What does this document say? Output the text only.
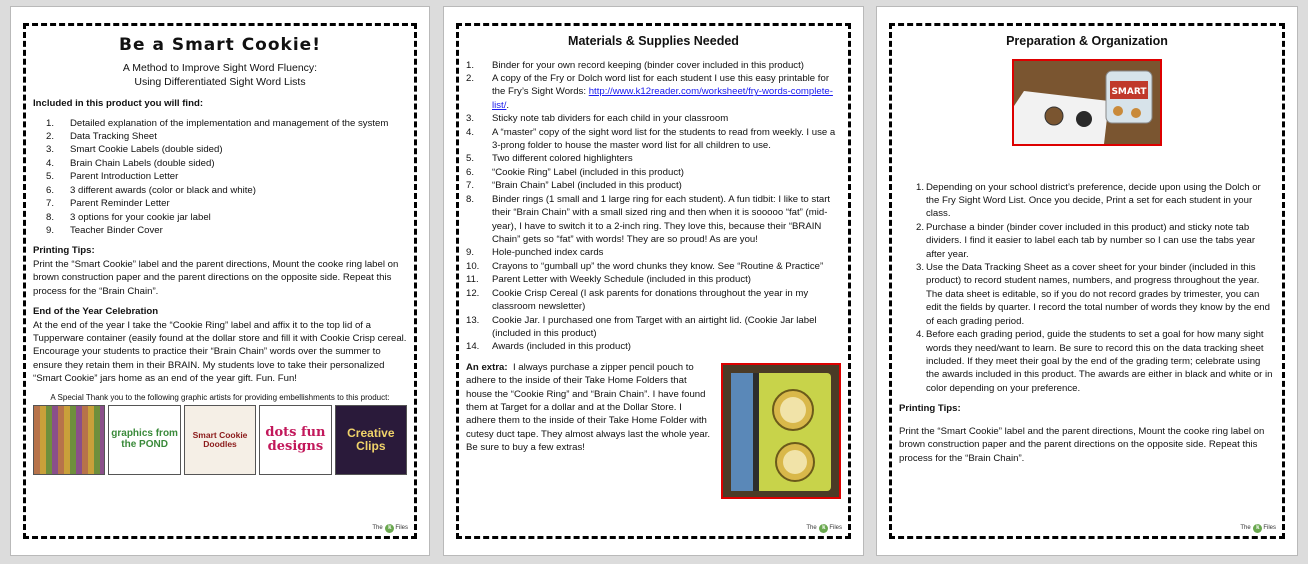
Be a Smart Cookie!
A Method to Improve Sight Word Fluency:
Using Differentiated Sight Word Lists
Included in this product you will find:
1.	Detailed explanation of the implementation and management of the system
2.	Data Tracking Sheet
3.	Smart Cookie Labels (double sided)
4.	Brain Chain Labels (double sided)
5.	Parent Introduction Letter
6.	3 different awards (color or black and white)
7.	Parent Reminder Letter
8.	3 options for your cookie jar label
9.	Teacher Binder Cover
Printing Tips:

Print the “Smart Cookie” label and the parent directions, Mount the cooke ring label on brown construction paper and the parent directions on the opposite side. Repeat this process for the “Brain Chain”.

End of the Year Celebration

At the end of the year I take the “Cookie Ring” label and affix it to the top lid of a Tupperware container (easily found at the dollar store and fill it with Cookie Crisp cereal. Encourage your students to practice their “Brain Chain” words over the summer to ensure they retain them in their BRAIN. My students love to take their personalized “Smart Cookie” jars home as an end of the year gift. Fun. Fun!

A Special Thank you to the following graphic artists for providing embellishments to this product:
graphics from the POND
Smart Cookie Doodles
dots fun designs
Creative Clips
The k Files
Materials & Supplies Needed
1.	Binder for your own record keeping (binder cover included in this product)
2.	A copy of the Fry or Dolch word list for each student I use this easy printable for the Fry’s Sight Words: http://www.k12reader.com/worksheet/fry-words-complete-list/.
3.	Sticky note tab dividers for each child in your classroom
4.	A “master” copy of the sight word list for the students to read from weekly. I use a 3-prong folder to house the master word list for all children to use.
5.	Two different colored highlighters
6.	“Cookie Ring” Label (included in this product)
7.	“Brain Chain” Label (included in this product)
8.	Binder rings (1 small and 1 large ring for each student). A fun tidbit: I like to start their “Brain Chain” with a small sized ring and then when it is sooooo “fat” (mid-year), I have to switch it to a 2-inch ring. They love this, because their “BRAIN Chain” gets so “fat” with words! They are so proud! As are you!
9.	Hole-punched index cards
10.	Crayons to “gumball up” the word chunks they know. See “Routine & Practice”
11.	Parent Letter with Weekly Schedule (included in this product)
12.	Cookie Crisp Cereal (I ask parents for donations throughout the year in my classroom newsletter)
13.	Cookie Jar. I purchased one from Target with an airtight lid. (Cookie Jar label (included in this product)
14.	Awards (included in this product)

An extra: I always purchase a zipper pencil pouch to adhere to the inside of their Take Home Folders that house the “Cookie Ring” and “Brain Chain”. I have found them at Target for a dollar and at the Dollar Store. I adhere them to the inside of their Take Home Folder with cutesy duct tape. They almost always last the whole year. Be sure to buy a few extras!

The k Files
Preparation & Organization
SMART
1. Depending on your school district’s preference, decide upon using the Dolch or the Fry Sight Word List. Once you decide, Print a set for each student in your class.
2. Purchase a binder (binder cover included in this product) and sticky note tab dividers. I find it easier to label each tab by number so I can use the tabs year after year.
3. Use the Data Tracking Sheet as a cover sheet for your binder (included in this product) to record student names, numbers, and progress throughout the year. The data sheet is editable, so if you do not record grades by trimester, you can edit the fields by quarter. I record the total number of words they know by the end of each grading period.
4. Before each grading period, guide the students to set a goal for how many sight words they need/want to learn. Be sure to record this on the data tracking sheet included. If they meet their goal by the end of the grading term; celebrate using the awards included in this product. The awards are either in black and white or in color depending on your preference.
Printing Tips:

Print the “Smart Cookie” label and the parent directions, Mount the cooke ring label on brown construction paper and the parent directions on the opposite side. Repeat this process for the “Brain Chain”.

The k Files
